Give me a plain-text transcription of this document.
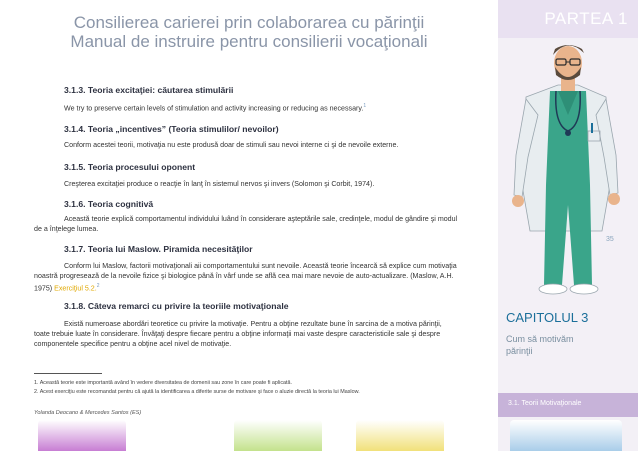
PARTEA 1
35
CAPITOLUL 3
Cum să motivăm
părinţii
3.1. Teorii Motivaţionale
Consilierea carierei prin colaborarea cu părinţii
Manual de instruire pentru consilierii vocaţionali
3.1.3. Teoria excitaţiei: căutarea stimulării
We try to preserve certain levels of stimulation and activity increasing or reducing as necessary.$^1$
3.1.4. Teoria „incentives” (Teoria stimulilor/ nevoilor)
Conform acestei teorii, motivaţia nu este produsă doar de stimuli sau nevoi interne ci şi de nevoile externe.
3.1.5. Teoria procesului oponent
Creşterea excitaţiei produce o reacţie în lanţ în sistemul nervos şi invers (Solomon şi Corbit, 1974).
3.1.6. Teoria cognitivă
Această teorie explică comportamentul individului luând în considerare aşteptările sale, credinţele, modul de gândire şi modul
de a înţelege lumea.
3.1.7. Teoria lui Maslow. Piramida necesităţilor
Conform lui Maslow, factorii motivaţionali aii comportamentului sunt nevoile. Această teorie încearcă să explice cum motivaţia
noastră progresează de la nevoile fizice şi biologice până în vârf unde se află cea mai mare nevoie de auto-actualizare. (Maslow, A.H.
1975) Exerciţiul 5.2.$^2$
3.1.8. Câteva remarci cu privire la teoriile motivaţionale
Există numeroase abordări teoretice cu privire la motivaţie. Pentru a obţine rezultate bune în sarcina de a motiva părinţii,
toate trebuie luate în considerare. Învăţaţi despre fiecare pentru a obţine informaţii mai vaste despre caracteristicile sale şi despre
componentele specifice pentru a obţine acel nivel de motivaţie.
1. Această teorie este importantă având în vedere diversitatea de domenii sau zone în care poate fi aplicată.
2. Acest exerciţiu este recomandat pentru că ajută la identificarea a diferite surse de motivare şi face o aluzie directă la teoria lui Maslow.
Yolanda Deocano & Mercedes Santos (ES)
